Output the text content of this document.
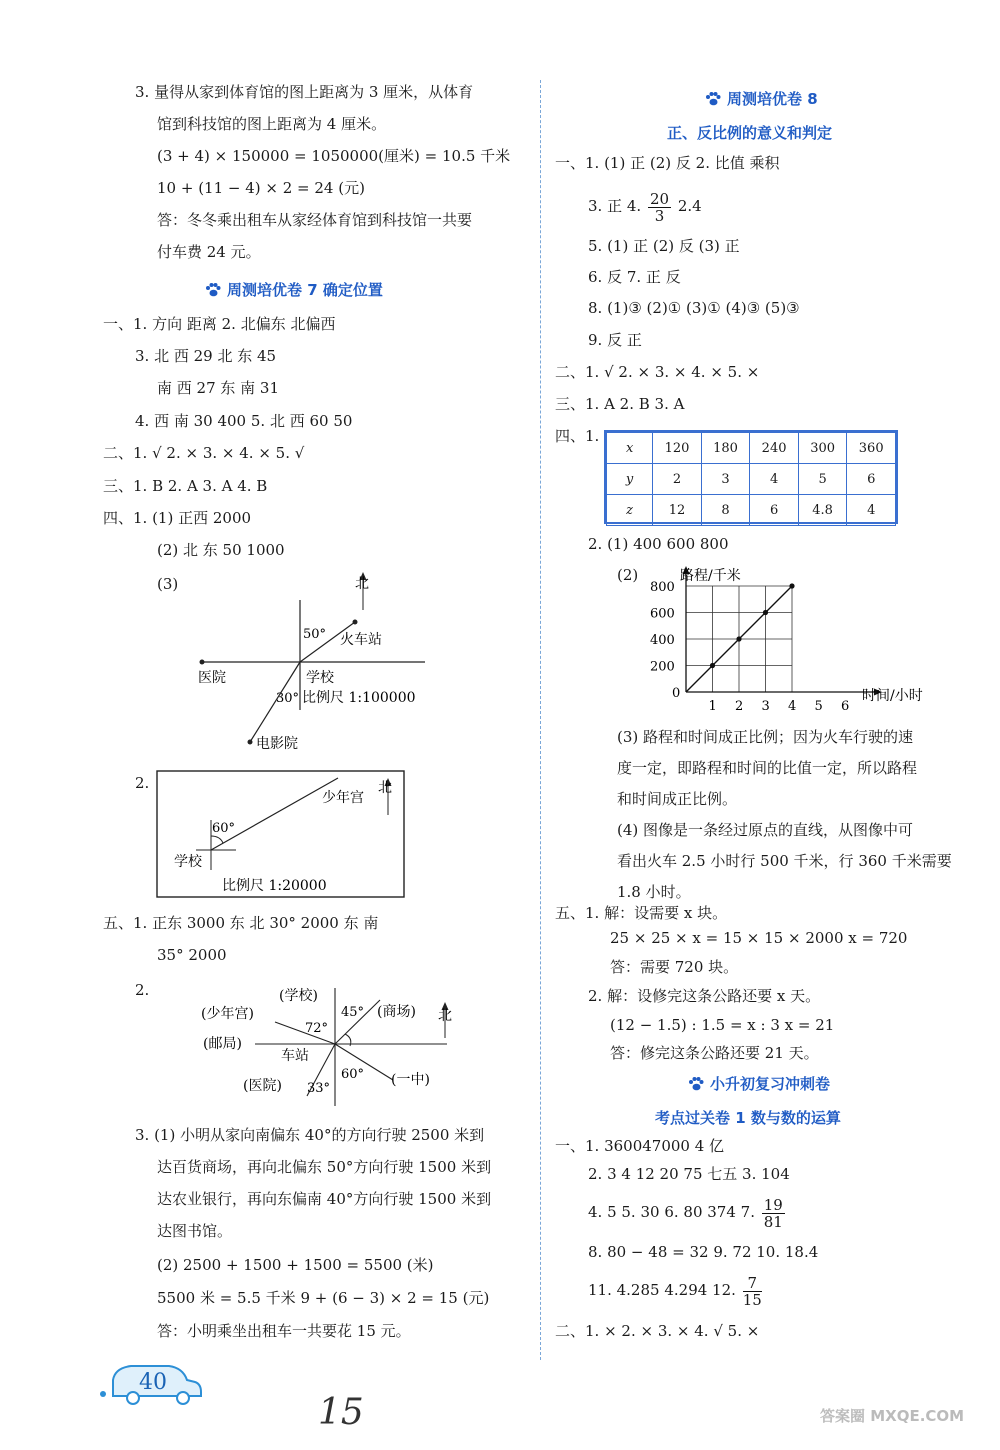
3. 量得从家到体育馆的图上距离为 3 厘米，从体育
馆到科技馆的图上距离为 4 厘米。
(3 + 4) × 150000 = 1050000(厘米) = 10.5 千米
10 + (11 − 4) × 2 = 24 (元)
答：冬冬乘出租车从家经体育馆到科技馆一共要
付车费 24 元。
周测培优卷 7 确定位置
一、1. 方向 距离 2. 北偏东 北偏西
3. 北 西 29 北 东 45
南 西 27 东 南 31
4. 西 南 30 400 5. 北 西 60 50
二、1. √ 2. × 3. × 4. × 5. √
三、1. B 2. A 3. A 4. B
四、1. (1) 正西 2000
(2) 北 东 50 1000
(3)	北
50° 火车站
学校
医院
30° 比例尺 1:100000
电影院
2.	北
少年宫
60°
学校
比例尺 1:20000
五、1. 正东 3000 东 北 30° 2000 东 南
35° 2000
2.	(学校)
45° (商场)
(少年宫)
72°
北
(邮局)
车站
(医院) 33°
60° (一中)
3. (1) 小明从家向南偏东 40°的方向行驶 2500 米到
达百货商场，再向北偏东 50°方向行驶 1500 米到
达农业银行，再向东偏南 40°方向行驶 1500 米到
达图书馆。
(2) 2500 + 1500 + 1500 = 5500 (米)
5500 米 = 5.5 千米 9 + (6 − 3) × 2 = 15 (元)
答：小明乘坐出租车一共要花 15 元。
40
15
周测培优卷 8
正、反比例的意义和判定
一、1. (1) 正 (2) 反 2. 比值 乘积
3. 正 4. $\frac{20}{3} 2.4$
5. (1) 正 (2) 反 (3) 正
6. 反 7. 正 反
8. (1)③ (2)① (3)① (4)③ (5)③
9. 反 正
二、1. √ 2. × 3. × 4. × 5. ×
三、1. A 2. B 3. A
四、1.
x	120	180	240	300	360
y	2	3	4	5	6
z	12	8	6	4.8	4
2. (1) 400 600 800
(2)
1 2 3 4 5 6
200
400
600
800
路程/千米
时间/小时
0
(3) 路程和时间成正比例；因为火车行驶的速
度一定，即路程和时间的比值一定，所以路程
和时间成正比例。
(4) 图像是一条经过原点的直线，从图像中可
看出火车 2.5 小时行 500 千米，行 360 千米需要
1.8 小时。
五、1. 解：设需要 x 块。
25 × 25 × x = 15 × 15 × 2000 x = 720
答：需要 720 块。
2. 解：设修完这条公路还要 x 天。
(12 − 1.5) : 1.5 = x : 3 x = 21
答：修完这条公路还要 21 天。
小升初复习冲刺卷
考点过关卷 1 数与数的运算
一、1. 360047000 4 亿
2. 3 4 12 20 75 七五 3. 104
4. 5 5. 30 6. 80 374 7. $\frac{19}{81}$
8. 80 − 48 = 32 9. 72 10. 18.4
11. 4.285 4.294 12. $\frac{7}{15}$
二、1. × 2. × 3. × 4. √ 5. ×
答案圈 MXQE.COM
